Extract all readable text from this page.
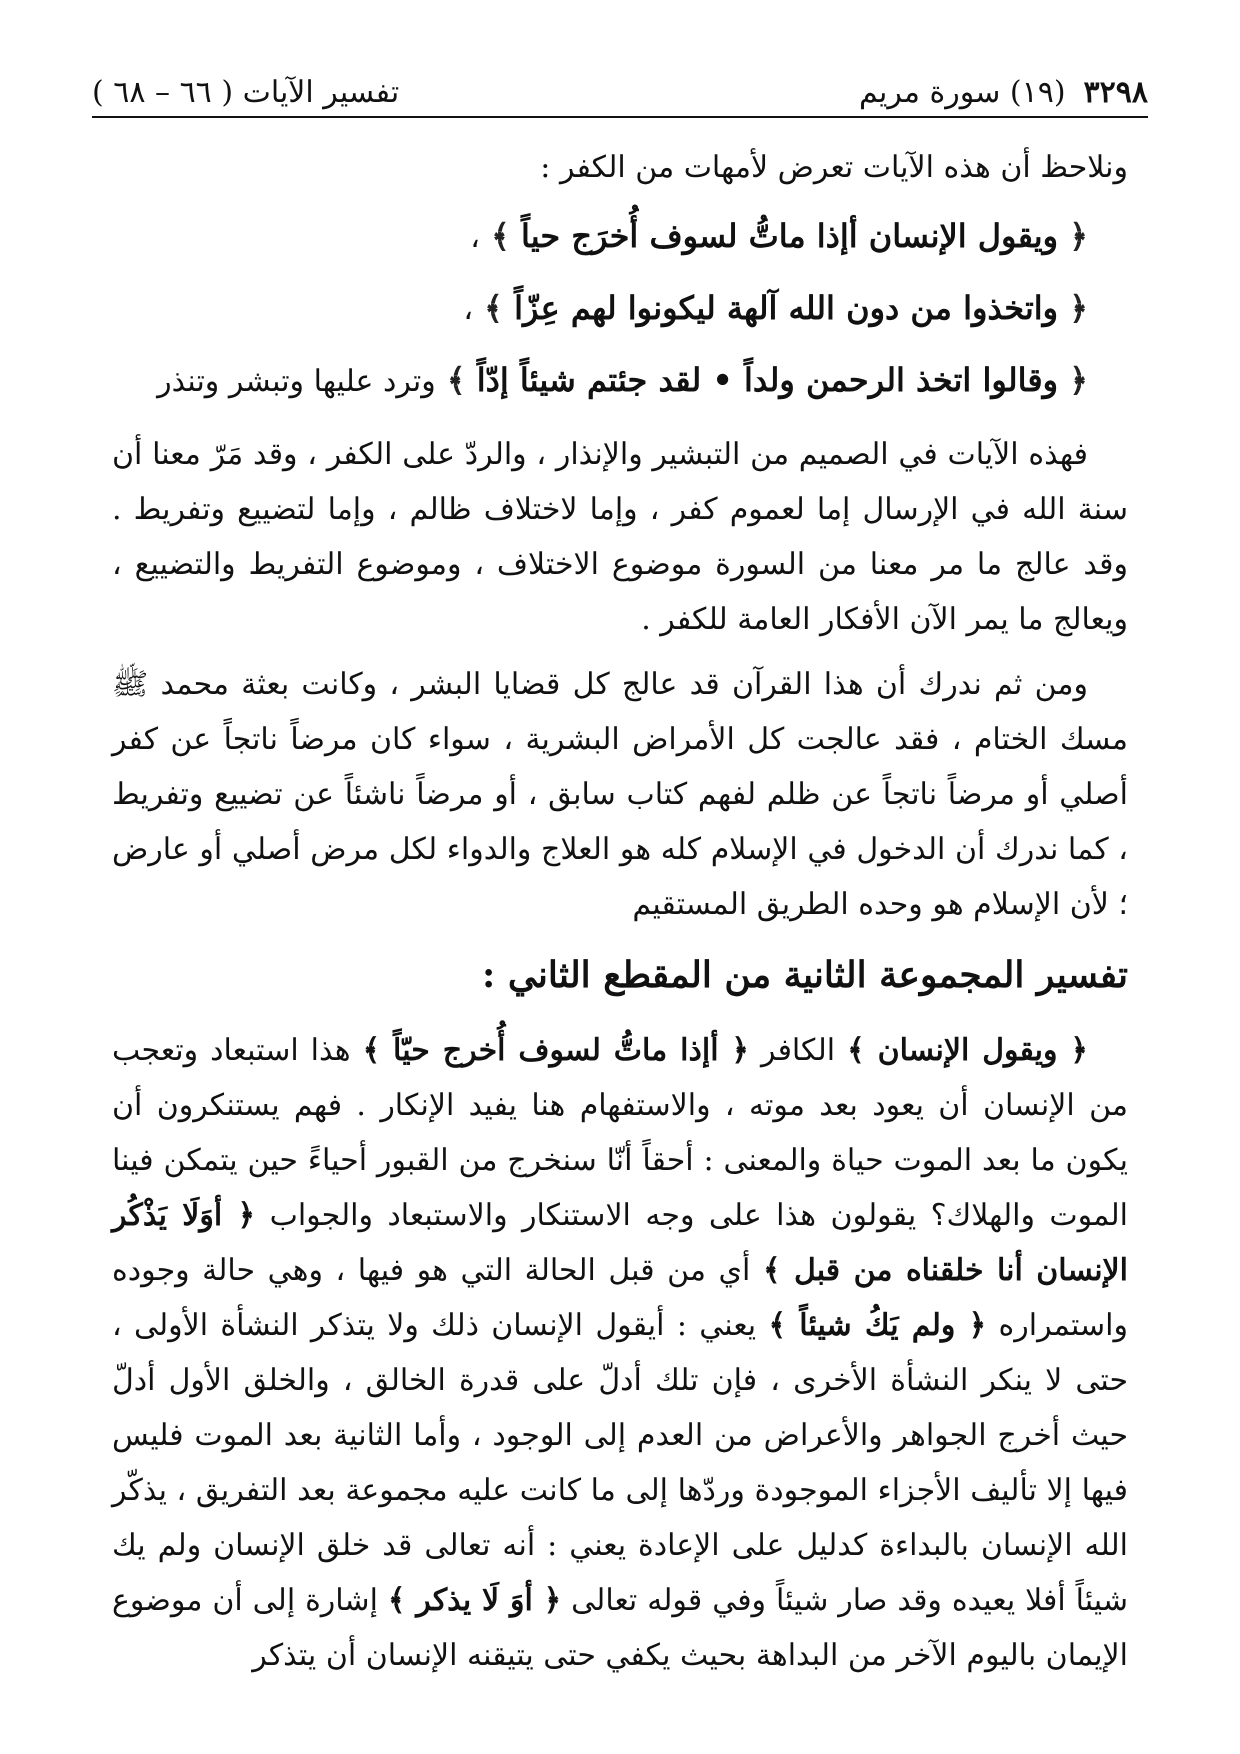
٣٢٩٨
(١٩) سورة مريم
تفسير الآيات ( ٦٦ – ٦٨ )

ونلاحظ أن هذه الآيات تعرض لأمهات من الكفر :

﴿ ويقول الإنسان أإذا ماتُّ لسوف أُخرَج حياً ﴾ ،

﴿ واتخذوا من دون الله آلهة ليكونوا لهم عِزّاً ﴾ ،

﴿ وقالوا اتخذ الرحمن ولداً • لقد جئتم شيئاً إدّاً ﴾ وترد عليها وتبشر وتنذر

فهذه الآيات في الصميم من التبشير والإنذار ، والردّ على الكفر ، وقد مَرّ معنا أن سنة الله في الإرسال إما لعموم كفر ، وإما لاختلاف ظالم ، وإما لتضييع وتفريط . وقد عالج ما مر معنا من السورة موضوع الاختلاف ، وموضوع التفريط والتضييع ، ويعالج ما يمر الآن الأفكار العامة للكفر .

ومن ثم ندرك أن هذا القرآن قد عالج كل قضايا البشر ، وكانت بعثة محمد ﷺ مسك الختام ، فقد عالجت كل الأمراض البشرية ، سواء كان مرضاً ناتجاً عن كفر أصلي أو مرضاً ناتجاً عن ظلم لفهم كتاب سابق ، أو مرضاً ناشئاً عن تضييع وتفريط ، كما ندرك أن الدخول في الإسلام كله هو العلاج والدواء لكل مرض أصلي أو عارض ؛ لأن الإسلام هو وحده الطريق المستقيم

تفسير المجموعة الثانية من المقطع الثاني :

﴿ ويقول الإنسان ﴾ الكافر ﴿ أإذا ماتُّ لسوف أُخرج حيّاً ﴾ هذا استبعاد وتعجب من الإنسان أن يعود بعد موته ، والاستفهام هنا يفيد الإنكار . فهم يستنكرون أن يكون ما بعد الموت حياة والمعنى : أحقاً أنّا سنخرج من القبور أحياءً حين يتمكن فينا الموت والهلاك؟ يقولون هذا على وجه الاستنكار والاستبعاد والجواب ﴿ أوَلَا يَذْكُر الإنسان أنا خلقناه من قبل ﴾ أي من قبل الحالة التي هو فيها ، وهي حالة وجوده واستمراره ﴿ ولم يَكُ شيئاً ﴾ يعني : أيقول الإنسان ذلك ولا يتذكر النشأة الأولى ، حتى لا ينكر النشأة الأخرى ، فإن تلك أدلّ على قدرة الخالق ، والخلق الأول أدلّ حيث أخرج الجواهر والأعراض من العدم إلى الوجود ، وأما الثانية بعد الموت فليس فيها إلا تأليف الأجزاء الموجودة وردّها إلى ما كانت عليه مجموعة بعد التفريق ، يذكّر الله الإنسان بالبداءة كدليل على الإعادة يعني : أنه تعالى قد خلق الإنسان ولم يك شيئاً أفلا يعيده وقد صار شيئاً وفي قوله تعالى ﴿ أوَ لَا يذكر ﴾ إشارة إلى أن موضوع الإيمان باليوم الآخر من البداهة بحيث يكفي حتى يتيقنه الإنسان أن يتذكر
